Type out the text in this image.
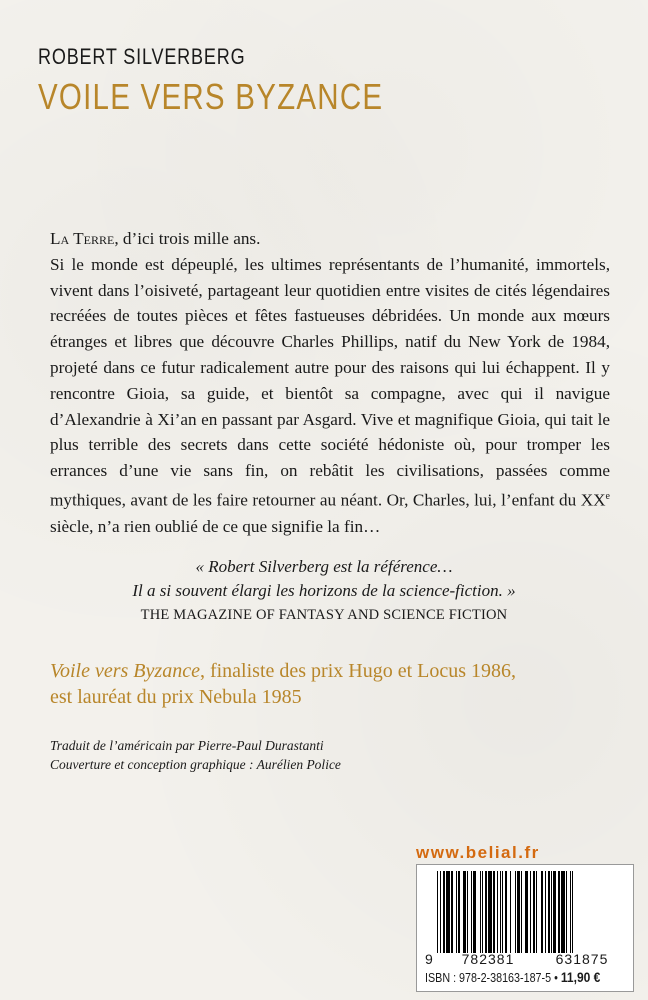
ROBERT SILVERBERG
VOILE VERS BYZANCE

La Terre, d’ici trois mille ans.

Si le monde est dépeuplé, les ultimes représentants de l’humanité, immortels, vivent dans l’oisiveté, partageant leur quotidien entre visites de cités légendaires recréées de toutes pièces et fêtes fastueuses débridées. Un monde aux mœurs étranges et libres que découvre Charles Phillips, natif du New York de 1984, projeté dans ce futur radicalement autre pour des raisons qui lui échappent. Il y rencontre Gioia, sa guide, et bientôt sa compagne, avec qui il navigue d’Alexandrie à Xi’an en passant par Asgard. Vive et magnifique Gioia, qui tait le plus terrible des secrets dans cette société hédoniste où, pour tromper les errances d’une vie sans fin, on rebâtit les civilisations, passées comme mythiques, avant de les faire retourner au néant. Or, Charles, lui, l’enfant du XXe siècle, n’a rien oublié de ce que signifie la fin…

« Robert Silverberg est la référence…
Il a si souvent élargi les horizons de la science-fiction. »
THE MAGAZINE OF FANTASY AND SCIENCE FICTION
Voile vers Byzance, finaliste des prix Hugo et Locus 1986,
est lauréat du prix Nebula 1985
Traduit de l’américain par Pierre-Paul Durastanti
Couverture et conception graphique : Aurélien Police
www.belial.fr
9	782381	631875
ISBN : 978-2-38163-187-5 • 11,90 €
